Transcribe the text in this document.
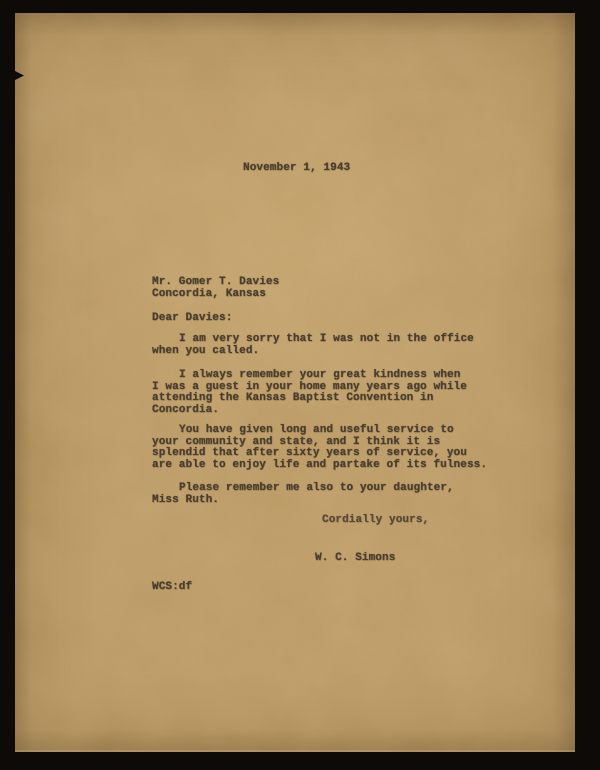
November 1, 1943
Mr. Gomer T. Davies
Concordia, Kansas
Dear Davies:
I am very sorry that I was not in the office
when you called.
I always remember your great kindness when
I was a guest in your home many years ago while
attending the Kansas Baptist Convention in
Concordia.
You have given long and useful service to
your community and state, and I think it is
splendid that after sixty years of service, you
are able to enjoy life and partake of its fulness.
Please remember me also to your daughter,
Miss Ruth.
Cordially yours,
W. C. Simons
WCS:df
